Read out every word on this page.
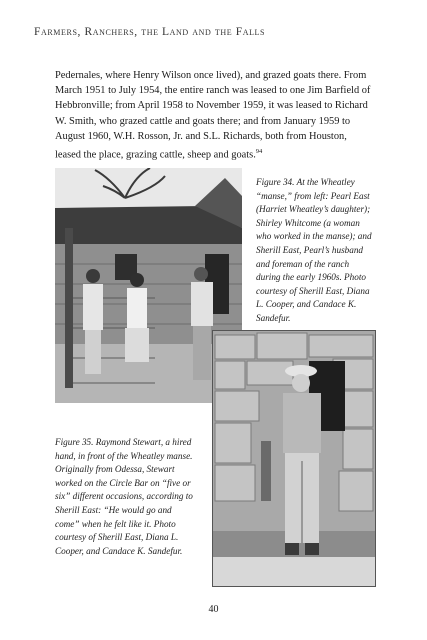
Farmers, Ranchers, the Land and the Falls
Pedernales, where Henry Wilson once lived), and grazed goats there. From March 1951 to July 1954, the entire ranch was leased to one Jim Barfield of Hebbronville; from April 1958 to November 1959, it was leased to Richard W. Smith, who grazed cattle and goats there; and from January 1959 to August 1960, W.H. Rosson, Jr. and S.L. Richards, both from Houston, leased the place, grazing cattle, sheep and goats.$^{94}$
Figure 34. At the Wheatley “manse,” from left: Pearl East (Harriet Wheatley’s daughter); Shirley Whitcome (a woman who worked in the manse); and Sherill East, Pearl’s husband and foreman of the ranch during the early 1960s. Photo courtesy of Sherill East, Diana L. Cooper, and Candace K. Sandefur.
Figure 35. Raymond Stewart, a hired hand, in front of the Wheatley manse. Originally from Odessa, Stewart worked on the Circle Bar on “five or six” different occasions, according to Sherill East: “He would go and come” when he felt like it. Photo courtesy of Sherill East, Diana L. Cooper, and Candace K. Sandefur.
40
